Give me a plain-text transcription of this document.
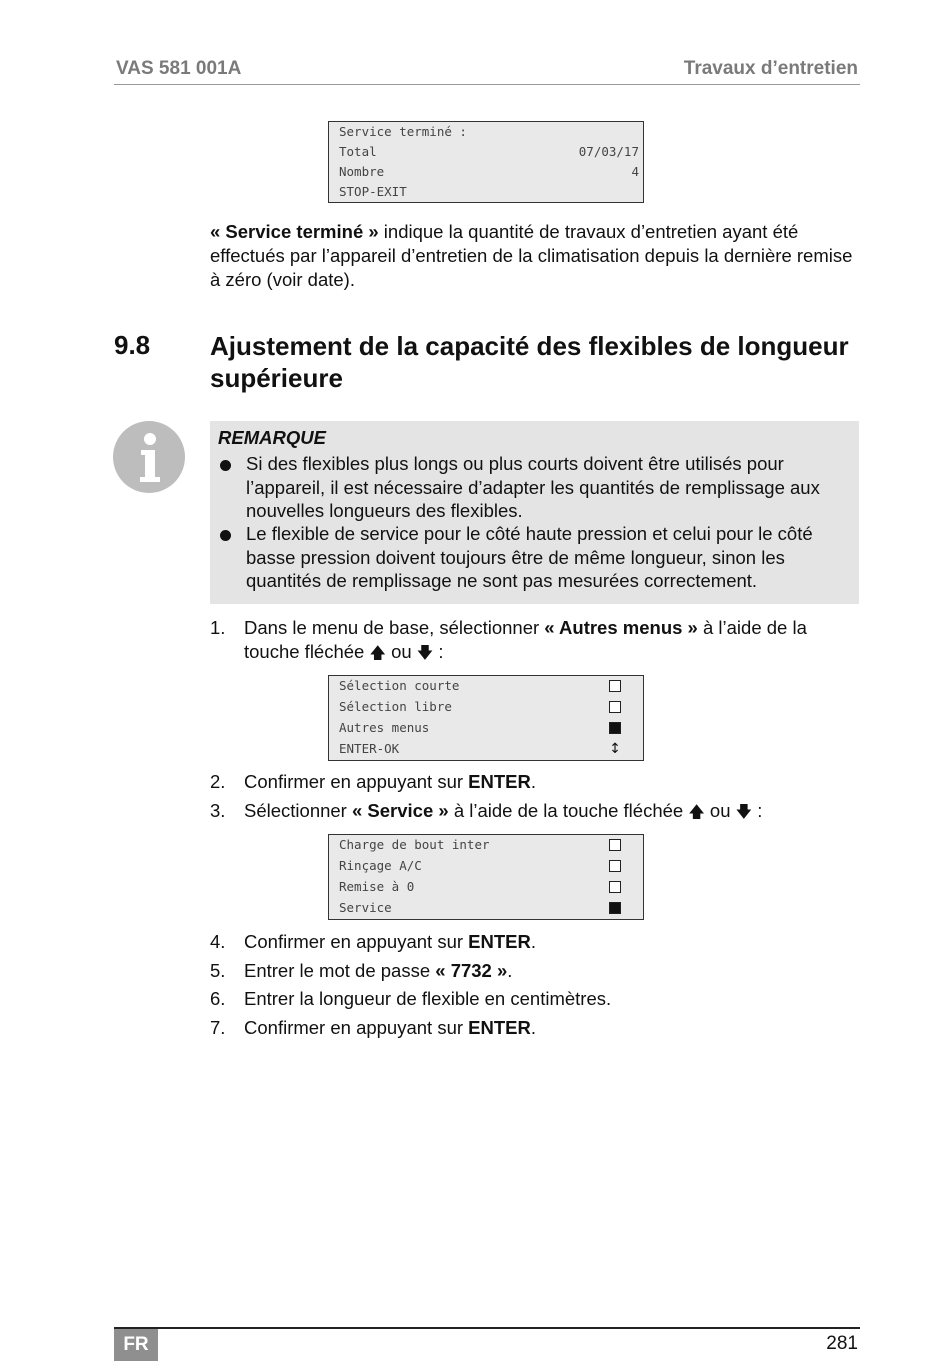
VAS 581 001A	Travaux d’entretien
Service terminé :
Total	07/03/17
Nombre	4
STOP-EXIT
« Service terminé » indique la quantité de travaux d’entretien ayant été effectués par l’appareil d’entretien de la climatisation depuis la dernière remise à zéro (voir date).
9.8 Ajustement de la capacité des flexibles de longueur supérieure
REMARQUE
Si des flexibles plus longs ou plus courts doivent être utilisés pour l’appareil, il est nécessaire d’adapter les quantités de remplissage aux nouvelles longueurs des flexibles.
Le flexible de service pour le côté haute pression et celui pour le côté basse pression doivent toujours être de même longueur, sinon les quantités de remplissage ne sont pas mesurées correctement.
1. Dans le menu de base, sélectionner « Autres menus » à l’aide de la touche fléchée 🡅 ou 🡇 :
Sélection courte
Sélection libre
Autres menus
ENTER-OK	↕
2. Confirmer en appuyant sur ENTER.
3. Sélectionner « Service » à l’aide de la touche fléchée 🡅 ou 🡇 :
Charge de bout inter
Rinçage A/C
Remise à 0
Service
4. Confirmer en appuyant sur ENTER.
5. Entrer le mot de passe « 7732 ».
6. Entrer la longueur de flexible en centimètres.
7. Confirmer en appuyant sur ENTER.
FR	281
